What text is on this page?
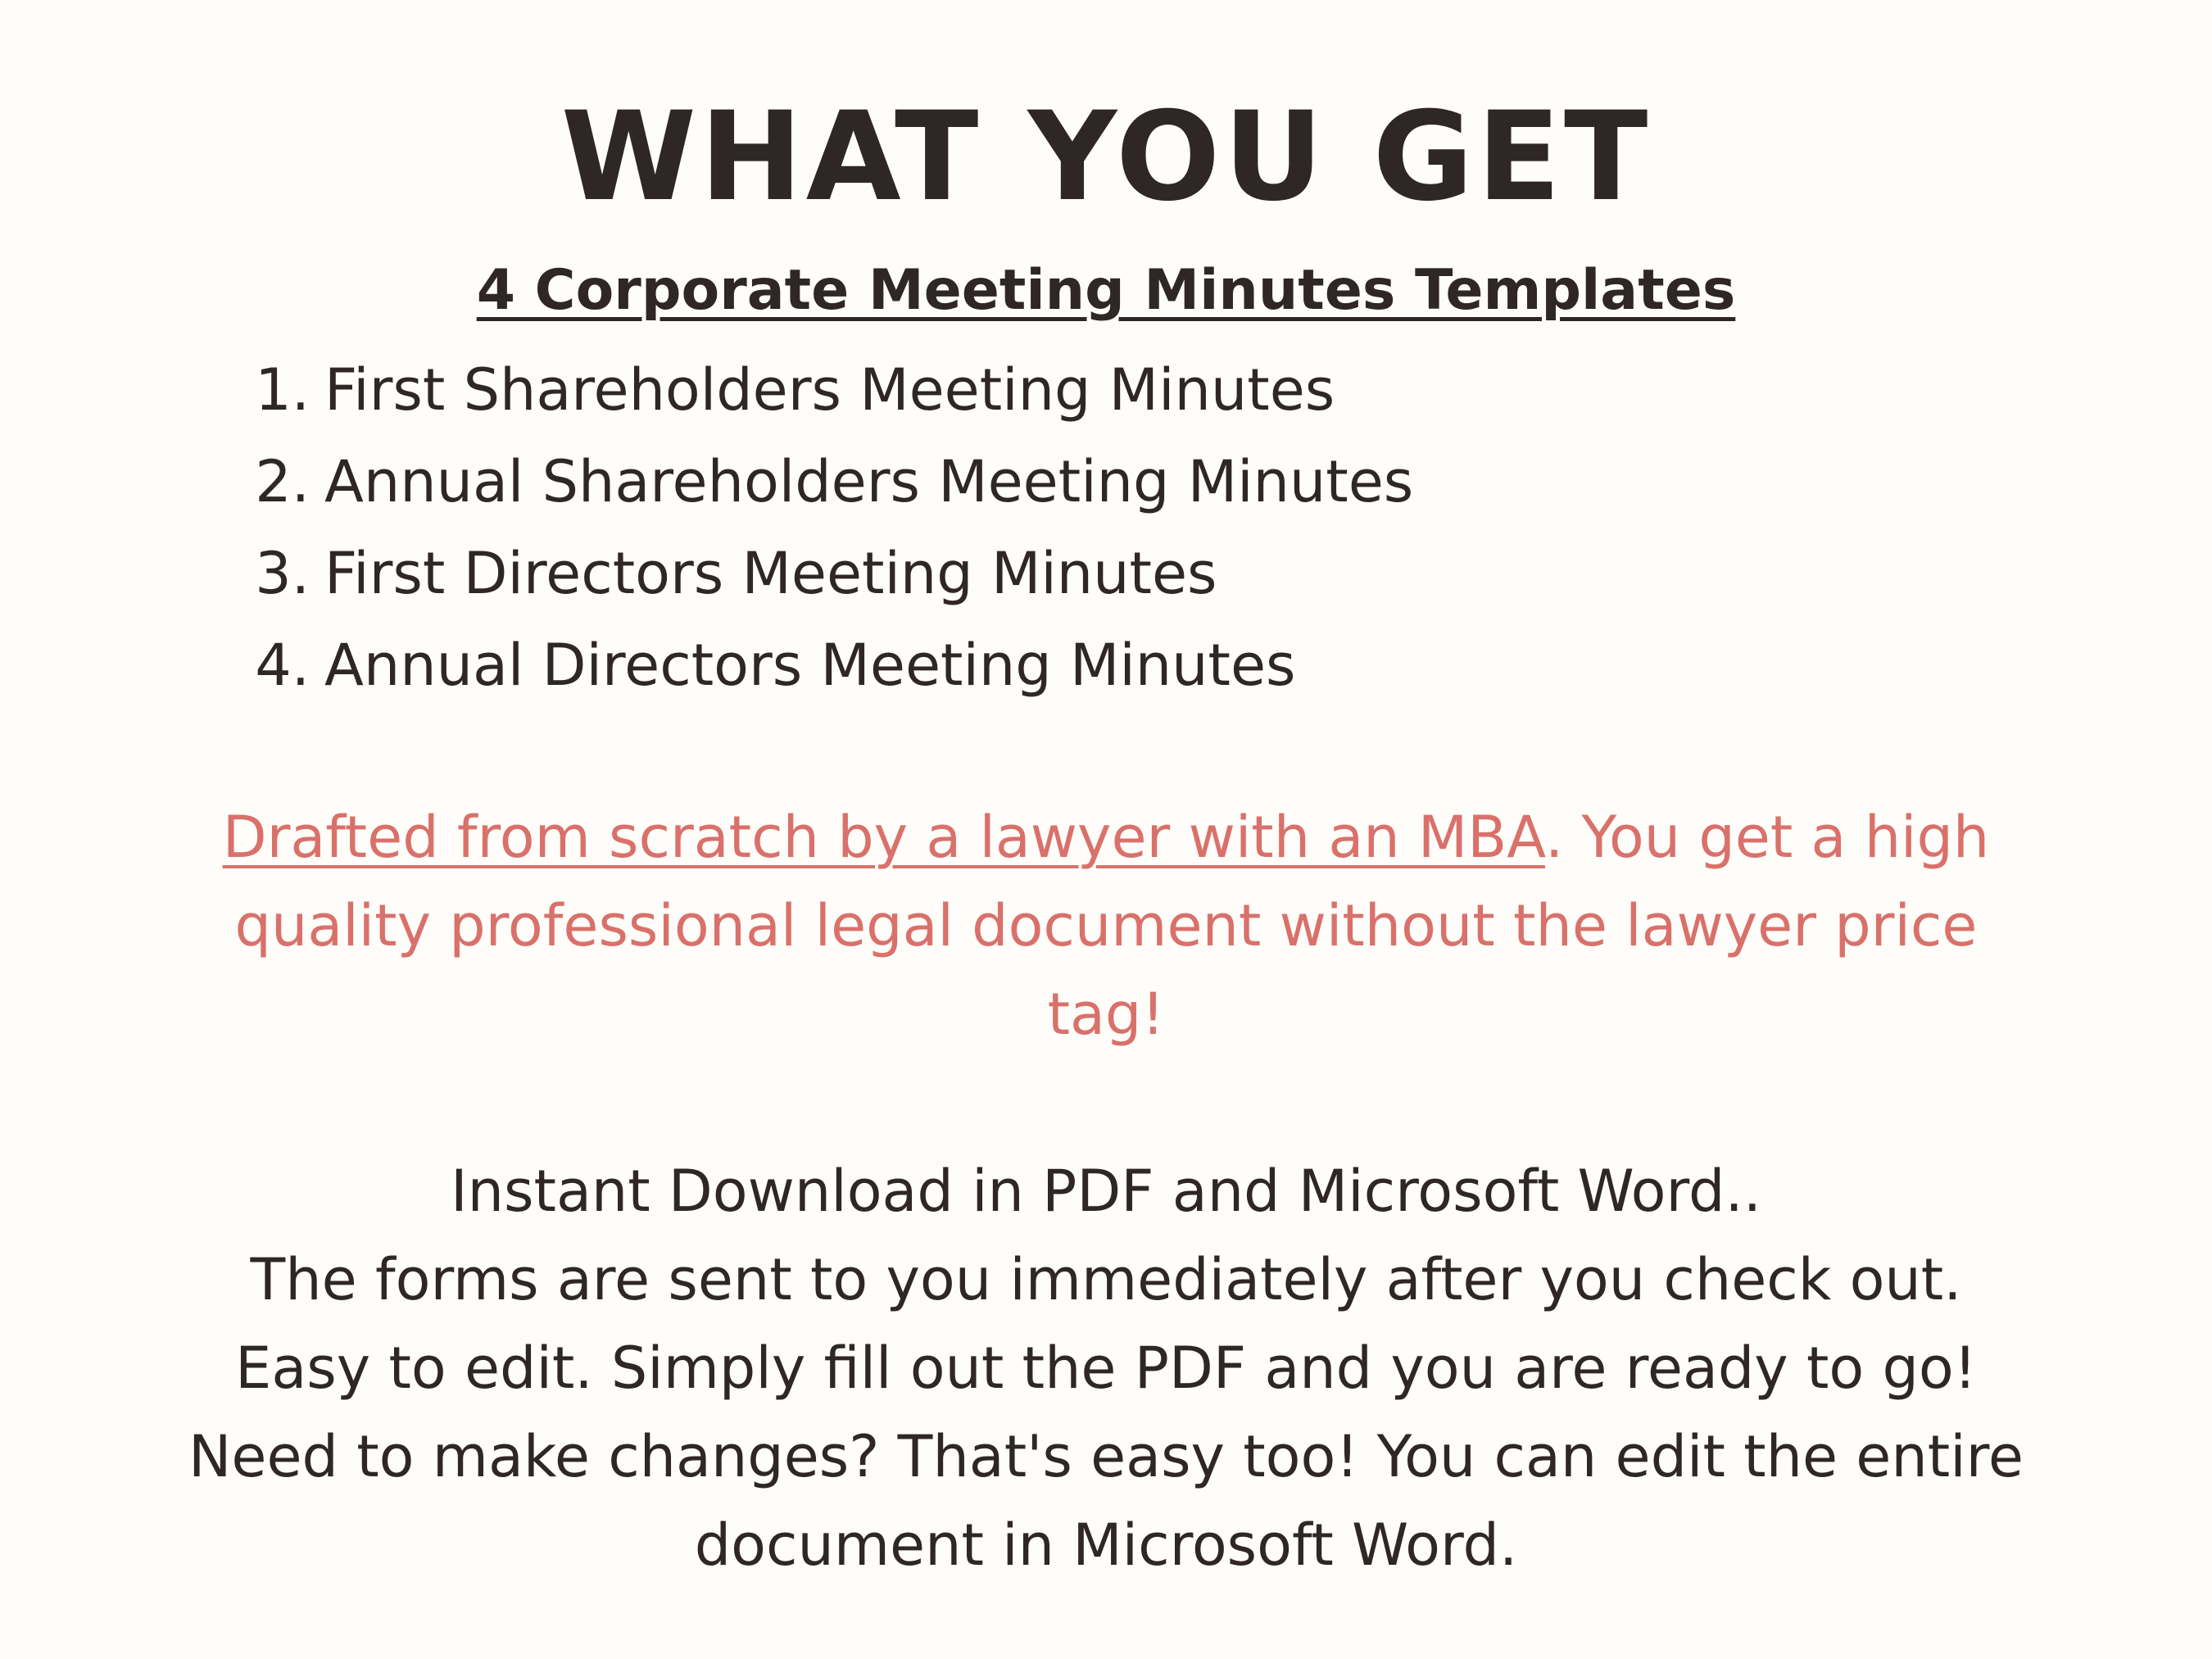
WHAT YOU GET
4 Corporate Meeting Minutes Templates
1. First Shareholders Meeting Minutes
2. Annual Shareholders Meeting Minutes
3. First Directors Meeting Minutes
4. Annual Directors Meeting Minutes

Drafted from scratch by a lawyer with an MBA. You get a high quality professional legal document without the lawyer price tag!

Instant Download in PDF and Microsoft Word..
The forms are sent to you immediately after you check out.
Easy to edit. Simply fill out the PDF and you are ready to go!
Need to make changes? That's easy too! You can edit the entire
document in Microsoft Word.
